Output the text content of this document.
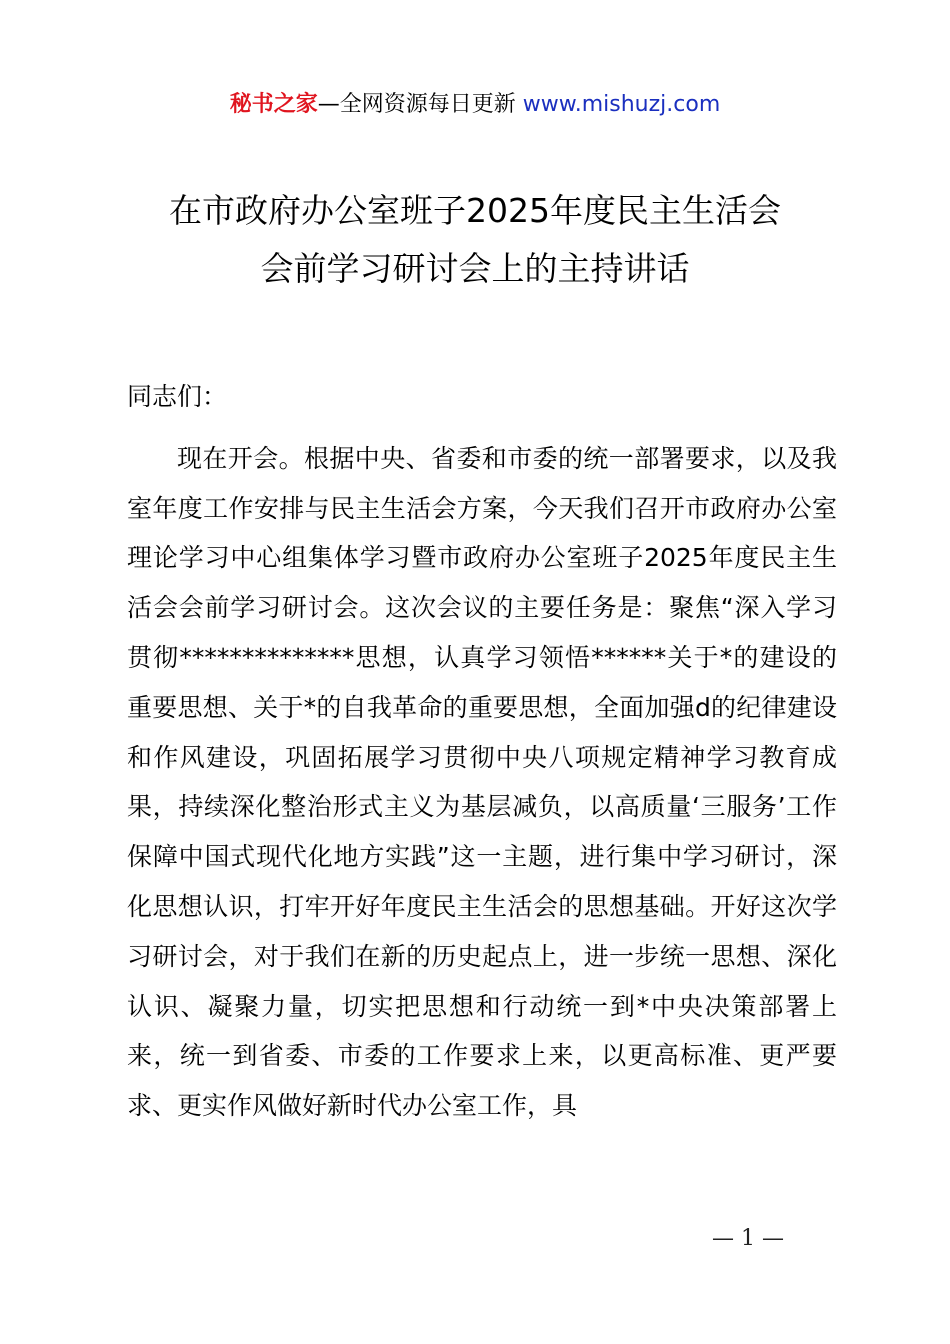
秘书之家—全网资源每日更新 www.mishuzj.com
在市政府办公室班子2025年度民主生活会
会前学习研讨会上的主持讲话

同志们：

现在开会。根据中央、省委和市委的统一部署要求，以及我室年度工作安排与民主生活会方案，今天我们召开市政府办公室理论学习中心组集体学习暨市政府办公室班子2025年度民主生活会会前学习研讨会。这次会议的主要任务是：聚焦“深入学习贯彻**************思想，认真学习领悟******关于*的建设的重要思想、关于*的自我革命的重要思想，全面加强d的纪律建设和作风建设，巩固拓展学习贯彻中央八项规定精神学习教育成果，持续深化整治形式主义为基层减负，以高质量‘三服务’工作保障中国式现代化地方实践”这一主题，进行集中学习研讨，深化思想认识，打牢开好年度民主生活会的思想基础。开好这次学习研讨会，对于我们在新的历史起点上，进一步统一思想、深化认识、凝聚力量，切实把思想和行动统一到*中央决策部署上来，统一到省委、市委的工作要求上来，以更高标准、更严要求、更实作风做好新时代办公室工作，具

— 1 —
